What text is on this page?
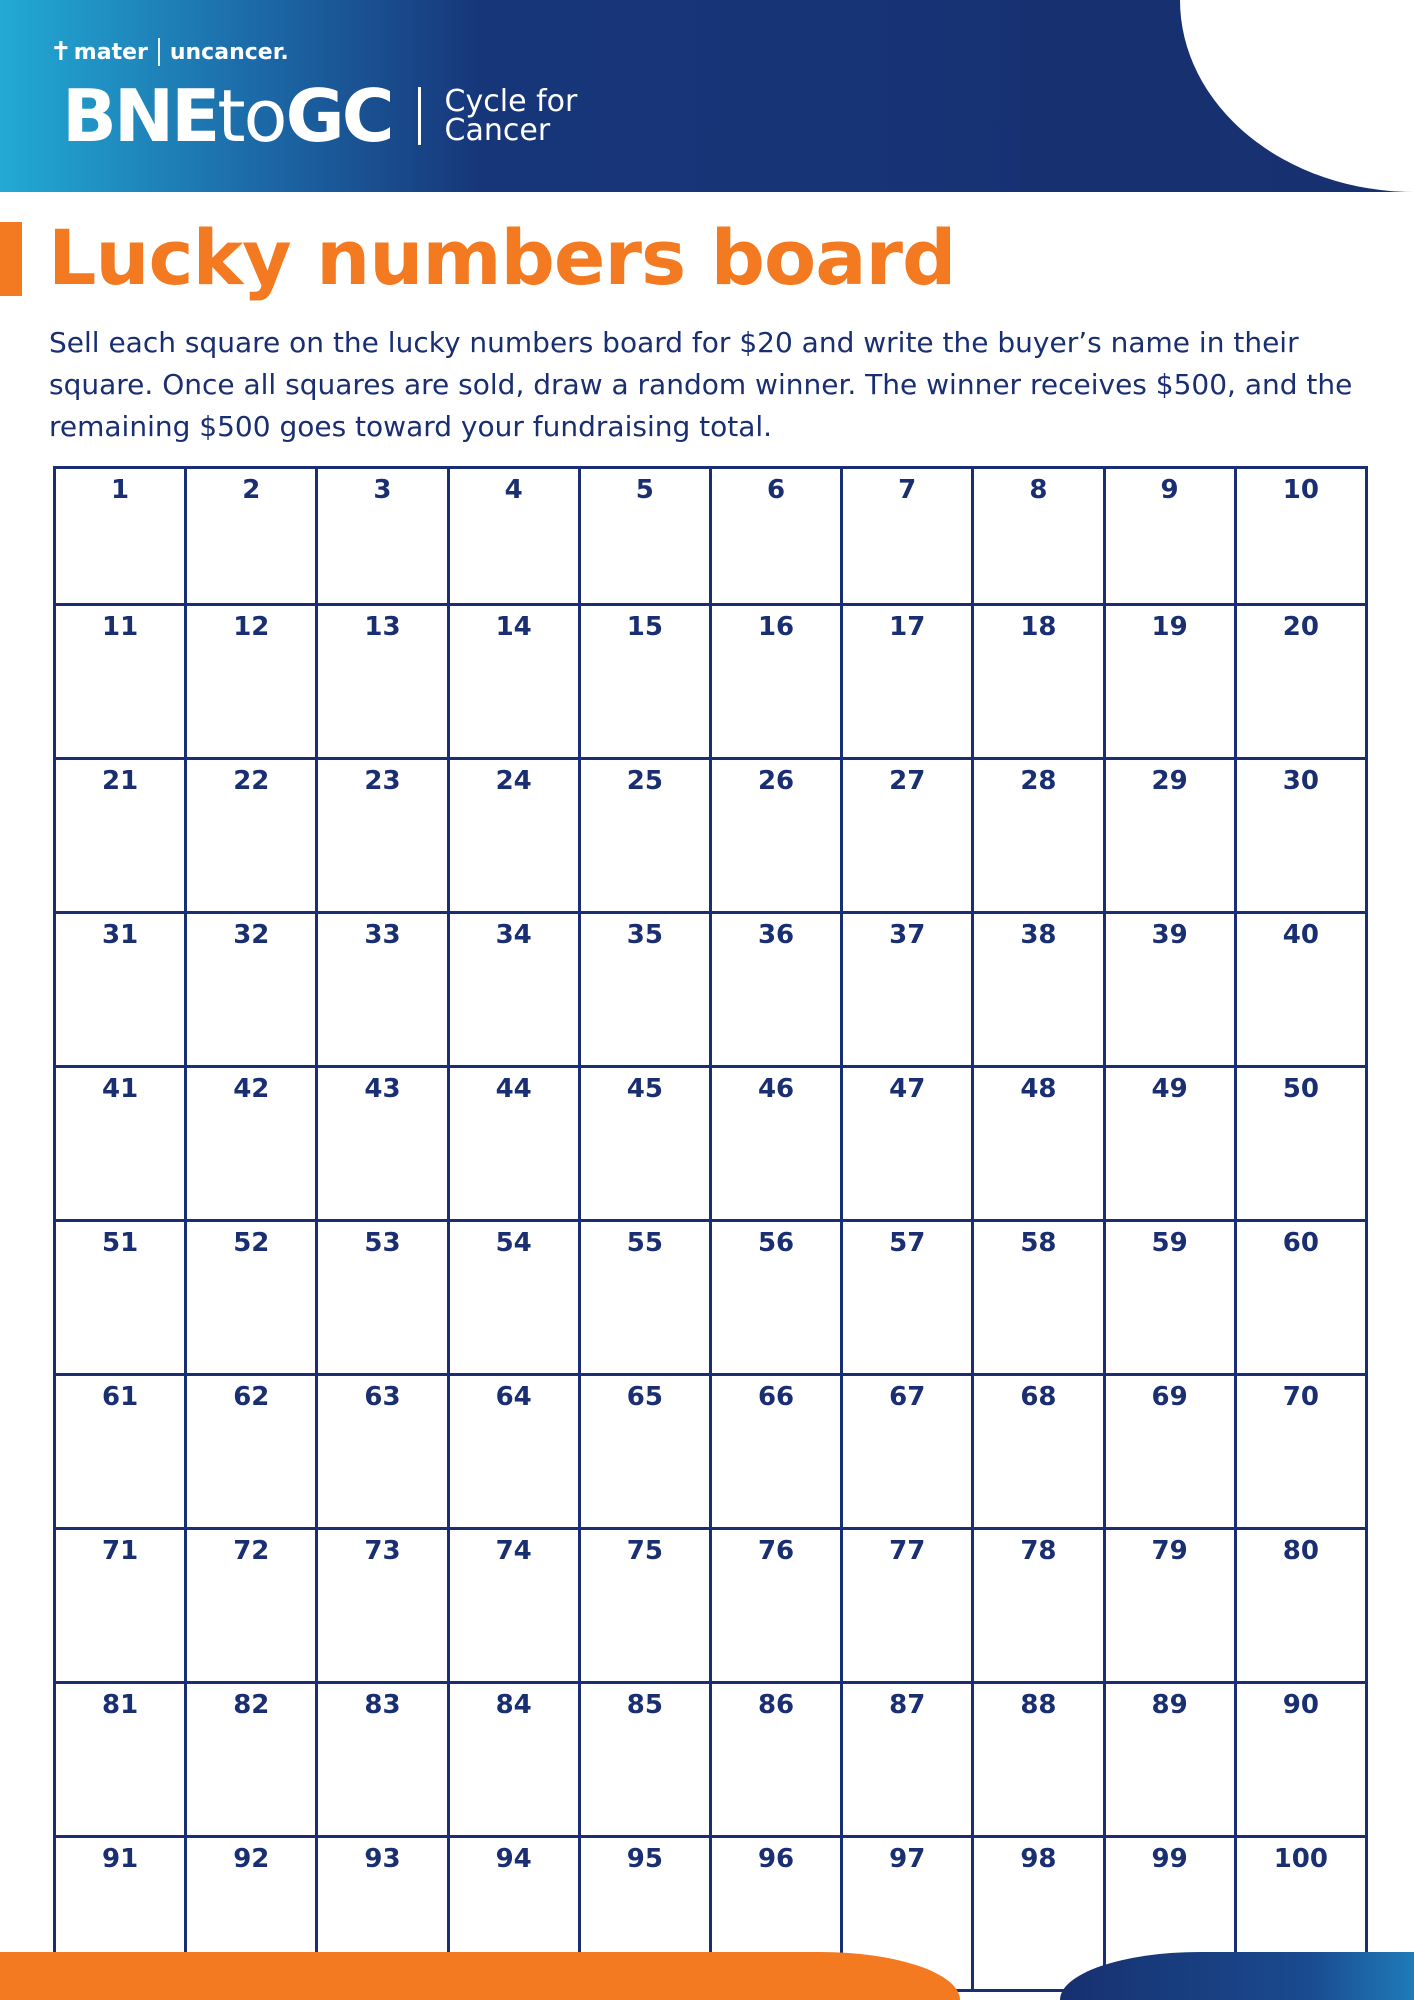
✝ mater uncancer.
BNE to GC Cycle for
Cancer
Lucky numbers board

Sell each square on the lucky numbers board for $20 and write the buyer’s name in their square. Once all squares are sold, draw a random winner. The winner receives $500, and the remaining $500 goes toward your fundraising total.

1	2	3	4	5	6	7	8	9	10
11	12	13	14	15	16	17	18	19	20
21	22	23	24	25	26	27	28	29	30
31	32	33	34	35	36	37	38	39	40
41	42	43	44	45	46	47	48	49	50
51	52	53	54	55	56	57	58	59	60
61	62	63	64	65	66	67	68	69	70
71	72	73	74	75	76	77	78	79	80
81	82	83	84	85	86	87	88	89	90
91	92	93	94	95	96	97	98	99	100
